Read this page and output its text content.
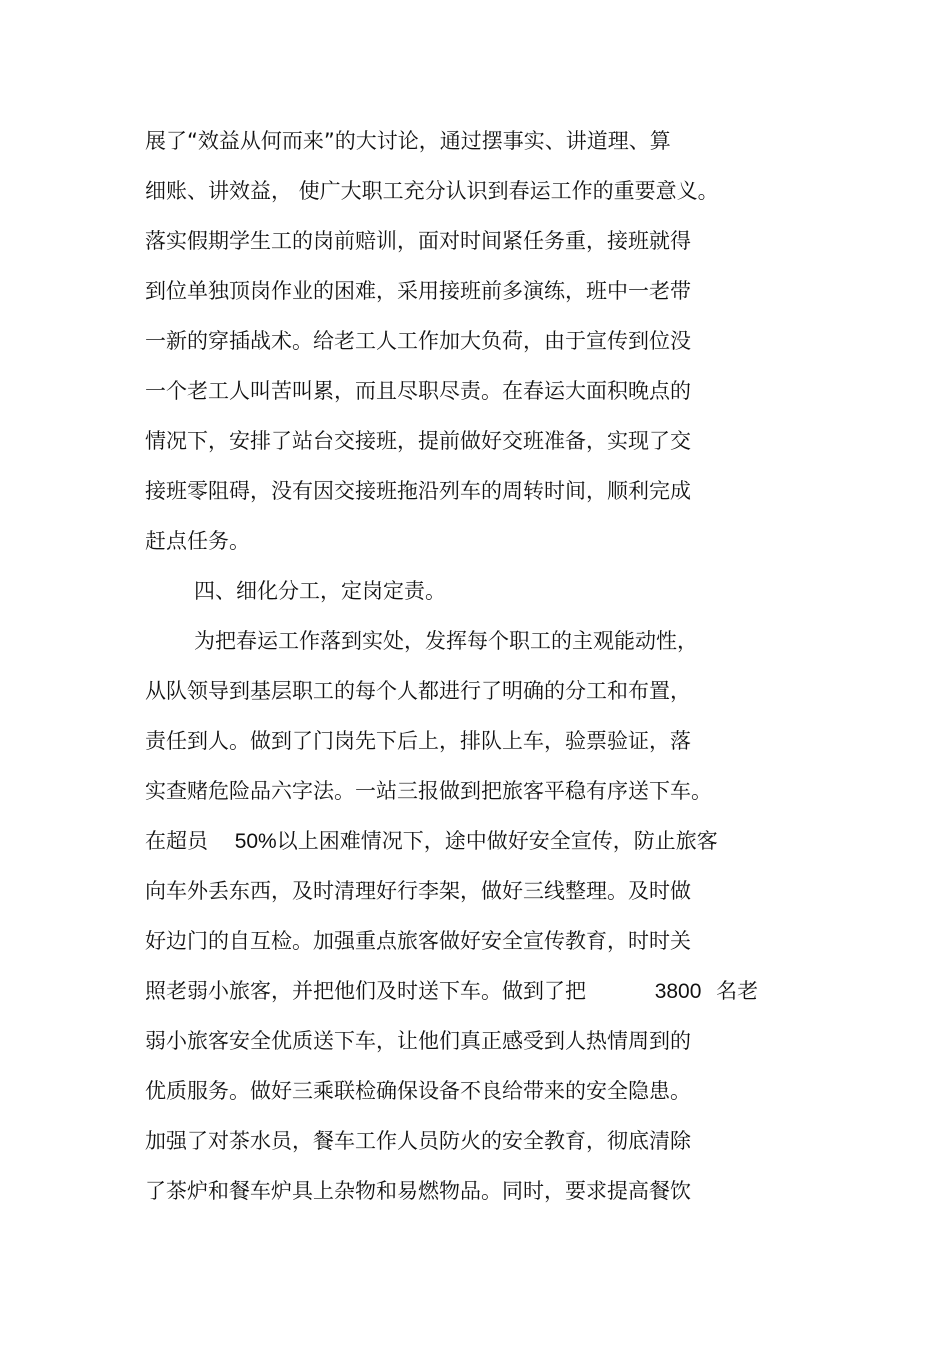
展了“效益从何而来”的大讨论，通过摆事实、讲道理、算
细账、讲效益， 使广大职工充分认识到春运工作的重要意义。
落实假期学生工的岗前赔训，面对时间紧任务重，接班就得
到位单独顶岗作业的困难，采用接班前多演练，班中一老带
一新的穿插战术。给老工人工作加大负荷，由于宣传到位没
一个老工人叫苦叫累，而且尽职尽责。在春运大面积晚点的
情况下，安排了站台交接班，提前做好交班准备，实现了交
接班零阻碍，没有因交接班拖沿列车的周转时间，顺利完成
赶点任务。
四、细化分工，定岗定责。
为把春运工作落到实处，发挥每个职工的主观能动性，
从队领导到基层职工的每个人都进行了明确的分工和布置，
责任到人。做到了门岗先下后上，排队上车，验票验证，落
实查赌危险品六字法。一站三报做到把旅客平稳有序送下车。
在超员 50%以上困难情况下，途中做好安全宣传，防止旅客
向车外丢东西，及时清理好行李架，做好三线整理。及时做
好边门的自互检。加强重点旅客做好安全宣传教育，时时关
照老弱小旅客，并把他们及时送下车。做到了把	3800 名老
弱小旅客安全优质送下车，让他们真正感受到人热情周到的
优质服务。做好三乘联检确保设备不良给带来的安全隐患。
加强了对茶水员，餐车工作人员防火的安全教育，彻底清除
了茶炉和餐车炉具上杂物和易燃物品。同时，要求提高餐饮
